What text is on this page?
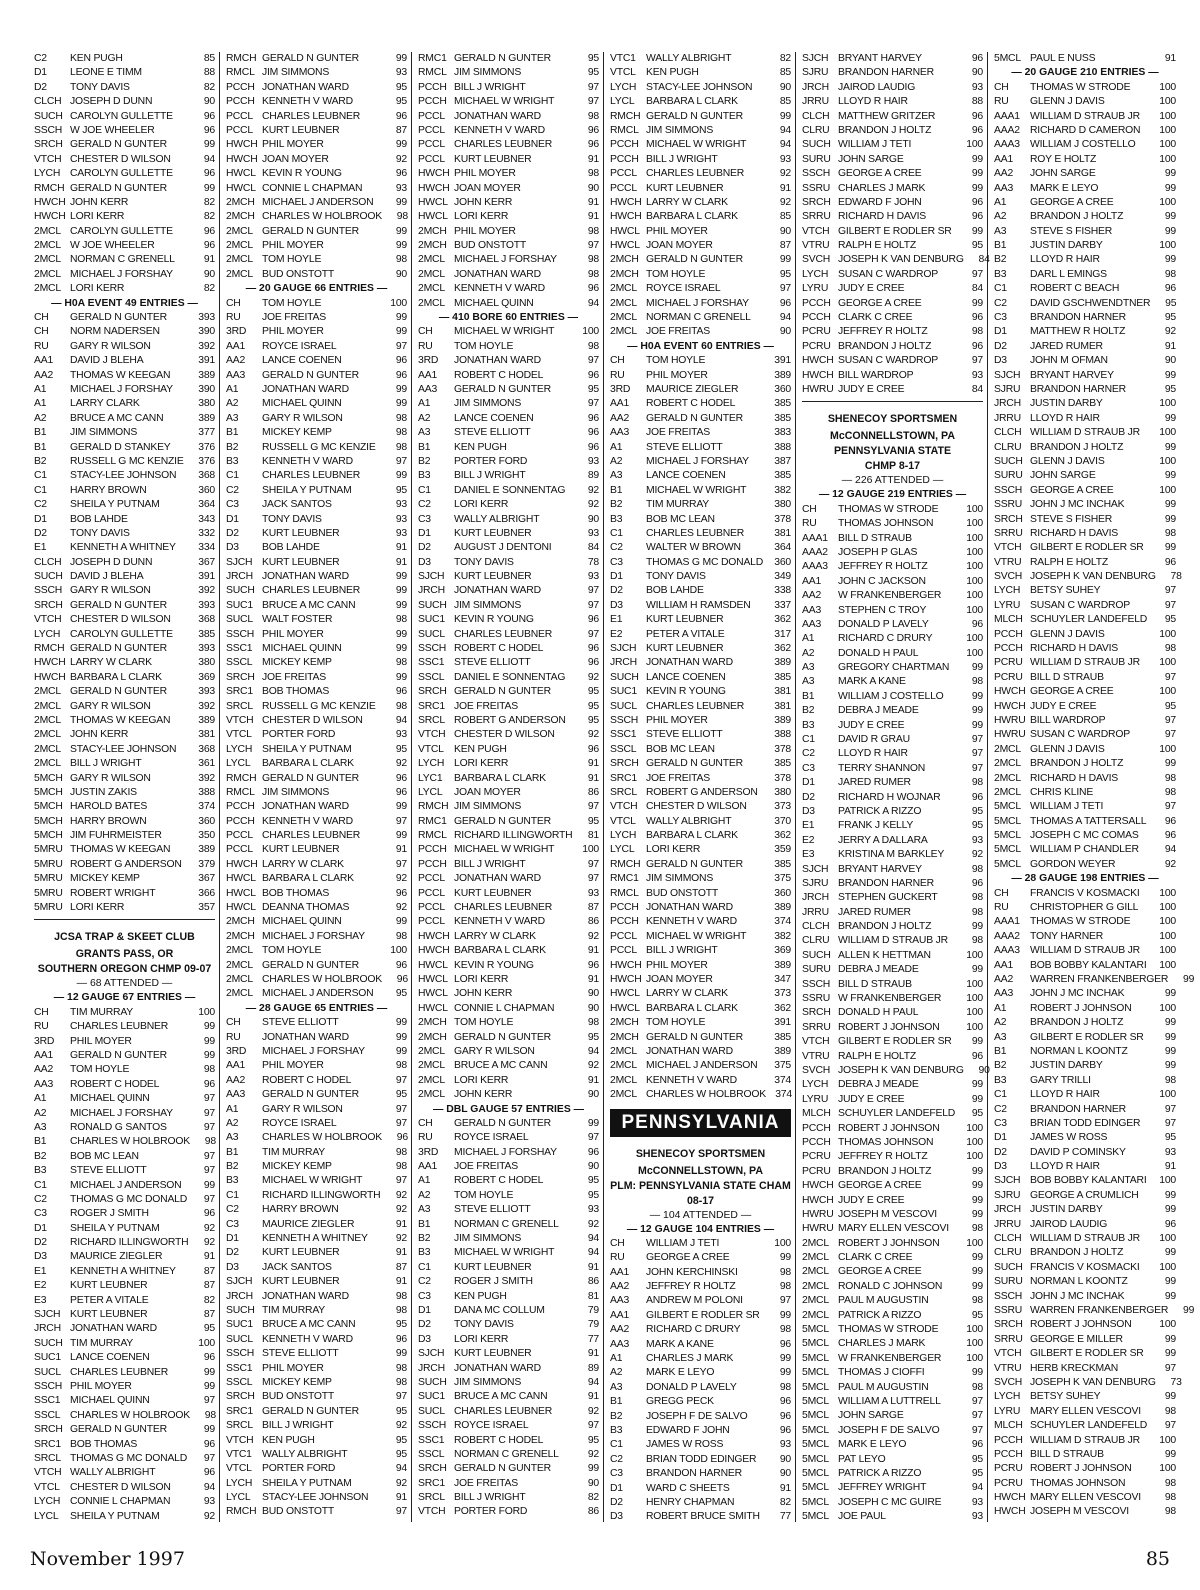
C2	KEN PUGH	85
D1	LEONE E TIMM	88
D2	TONY DAVIS	82
CLCH JOSEPH D DUNN	90
SUCH CAROLYN GULLETTE	96
SSCH W JOE WHEELER	96
SRCH GERALD N GUNTER	99
VTCH CHESTER D WILSON	94
LYCH CAROLYN GULLETTE	96
RMCH GERALD N GUNTER	99
HWCH JOHN KERR	82
HWCH LORI KERR	82
2MCL CAROLYN GULLETTE	96
2MCL W JOE WHEELER	96
2MCL NORMAN C GRENELL	91
2MCL MICHAEL J FORSHAY	90
2MCL LORI KERR	82
— H0A EVENT 49 ENTRIES —
CH	GERALD N GUNTER	393
CH	NORM NADERSEN	390
RU	GARY R WILSON	392
AA1	DAVID J BLEHA	391
AA2	THOMAS W KEEGAN	389
A1	MICHAEL J FORSHAY	390
A1	LARRY CLARK	380
A2	BRUCE A MC CANN	389
B1	JIM SIMMONS	377
B1	GERALD D STANKEY	376
B2	RUSSELL G MC KENZIE	376
C1	STACY-LEE JOHNSON	368
C1	HARRY BROWN	360
C2	SHEILA Y PUTNAM	364
D1	BOB LAHDE	343
D2	TONY DAVIS	332
E1	KENNETH A WHITNEY	334
CLCH JOSEPH D DUNN	367
SUCH DAVID J BLEHA	391
SSCH GARY R WILSON	392
SRCH GERALD N GUNTER	393
VTCH CHESTER D WILSON	368
LYCH CAROLYN GULLETTE	385
RMCH GERALD N GUNTER	393
HWCH LARRY W CLARK	380
HWCH BARBARA L CLARK	369
2MCL GERALD N GUNTER	393
2MCL GARY R WILSON	392
2MCL THOMAS W KEEGAN	389
2MCL JOHN KERR	381
2MCL STACY-LEE JOHNSON	368
2MCL BILL J WRIGHT	361
5MCH GARY R WILSON	392
5MCH JUSTIN ZAKIS	388
5MCH HAROLD BATES	374
5MCH HARRY BROWN	360
5MCH JIM FUHRMEISTER	350
5MRU THOMAS W KEEGAN	389
5MRU ROBERT G ANDERSON	379
5MRU MICKEY KEMP	367
5MRU ROBERT WRIGHT	366
5MRU LORI KERR	357
JCSA TRAP & SKEET CLUB
GRANTS PASS, OR
SOUTHERN OREGON CHMP 09-07
— 68 ATTENDED —
— 12 GAUGE 67 ENTRIES —
CH	TIM MURRAY	100
RU	CHARLES LEUBNER	99
3RD	PHIL MOYER	99
AA1	GERALD N GUNTER	99
AA2	TOM HOYLE	98
AA3	ROBERT C HODEL	96
A1	MICHAEL QUINN	97
A2	MICHAEL J FORSHAY	97
A3	RONALD G SANTOS	97
B1	CHARLES W HOLBROOK	98
B2	BOB MC LEAN	97
B3	STEVE ELLIOTT	97
C1	MICHAEL J ANDERSON	99
C2	THOMAS G MC DONALD	97
C3	ROGER J SMITH	96
D1	SHEILA Y PUTNAM	92
D2	RICHARD ILLINGWORTH	92
D3	MAURICE ZIEGLER	91
E1	KENNETH A WHITNEY	87
E2	KURT LEUBNER	87
E3	PETER A VITALE	82
SJCH KURT LEUBNER	87
JRCH JONATHAN WARD	95
SUCH TIM MURRAY	100
SUC1 LANCE COENEN	96
SUCL CHARLES LEUBNER	99
SSCH PHIL MOYER	99
SSC1 MICHAEL QUINN	97
SSCL CHARLES W HOLBROOK	98
SRCH GERALD N GUNTER	99
SRC1 BOB THOMAS	96
SRCL THOMAS G MC DONALD	97
VTCH WALLY ALBRIGHT	96
VTCL CHESTER D WILSON	94
LYCH CONNIE L CHAPMAN	93
LYCL	SHEILA Y PUTNAM	92
RMCH GERALD N GUNTER	99
RMCL JIM SIMMONS	93
PCCH JONATHAN WARD	95
PCCH KENNETH V WARD	95
PCCL CHARLES LEUBNER	96
PCCL KURT LEUBNER	87
HWCH PHIL MOYER	99
HWCH JOAN MOYER	92
HWCL KEVIN R YOUNG	96
HWCL CONNIE L CHAPMAN	93
2MCH MICHAEL J ANDERSON	99
2MCH CHARLES W HOLBROOK	98
2MCL GERALD N GUNTER	99
2MCL PHIL MOYER	99
2MCL TOM HOYLE	98
2MCL BUD ONSTOTT	90
— 20 GAUGE 66 ENTRIES —
CH	TOM HOYLE	100
RU	JOE FREITAS	99
3RD	PHIL MOYER	99
AA1	ROYCE ISRAEL	97
AA2	LANCE COENEN	96
AA3	GERALD N GUNTER	96
A1	JONATHAN WARD	99
A2	MICHAEL QUINN	99
A3	GARY R WILSON	98
B1	MICKEY KEMP	98
B2	RUSSELL G MC KENZIE	98
B3	KENNETH V WARD	97
C1	CHARLES LEUBNER	99
C2	SHEILA Y PUTNAM	95
C3	JACK SANTOS	93
D1	TONY DAVIS	93
D2	KURT LEUBNER	93
D3	BOB LAHDE	91
SJCH KURT LEUBNER	91
JRCH JONATHAN WARD	99
SUCH CHARLES LEUBNER	99
SUC1 BRUCE A MC CANN	99
SUCL WALT FOSTER	98
SSCH PHIL MOYER	99
SSC1 MICHAEL QUINN	99
SSCL MICKEY KEMP	98
SRCH JOE FREITAS	99
SRC1 BOB THOMAS	96
SRCL RUSSELL G MC KENZIE	98
VTCH CHESTER D WILSON	94
VTCL PORTER FORD	93
LYCH SHEILA Y PUTNAM	95
LYCL	BARBARA L CLARK	92
RMCH GERALD N GUNTER	96
RMCL JIM SIMMONS	96
PCCH JONATHAN WARD	99
PCCH KENNETH V WARD	97
PCCL CHARLES LEUBNER	99
PCCL KURT LEUBNER	91
HWCH LARRY W CLARK	97
HWCL BARBARA L CLARK	92
HWCL BOB THOMAS	96
HWCL DEANNA THOMAS	92
2MCH MICHAEL QUINN	99
2MCH MICHAEL J FORSHAY	98
2MCL TOM HOYLE	100
2MCL GERALD N GUNTER	96
2MCL CHARLES W HOLBROOK	96
2MCL MICHAEL J ANDERSON	95
— 28 GAUGE 65 ENTRIES —
CH	STEVE ELLIOTT	99
RU	JONATHAN WARD	99
3RD	MICHAEL J FORSHAY	99
AA1	PHIL MOYER	98
AA2	ROBERT C HODEL	97
AA3	GERALD N GUNTER	95
A1	GARY R WILSON	97
A2	ROYCE ISRAEL	97
A3	CHARLES W HOLBROOK	96
B1	TIM MURRAY	98
B2	MICKEY KEMP	98
B3	MICHAEL W WRIGHT	97
C1	RICHARD ILLINGWORTH	92
C2	HARRY BROWN	92
C3	MAURICE ZIEGLER	91
D1	KENNETH A WHITNEY	92
D2	KURT LEUBNER	91
D3	JACK SANTOS	87
SJCH KURT LEUBNER	91
JRCH JONATHAN WARD	98
SUCH TIM MURRAY	98
SUC1 BRUCE A MC CANN	95
SUCL KENNETH V WARD	96
SSCH STEVE ELLIOTT	99
SSC1 PHIL MOYER	98
SSCL MICKEY KEMP	98
SRCH BUD ONSTOTT	97
SRC1 GERALD N GUNTER	95
SRCL BILL J WRIGHT	92
VTCH KEN PUGH	95
VTC1 WALLY ALBRIGHT	95
VTCL PORTER FORD	94
LYCH SHEILA Y PUTNAM	92
LYCL	STACY-LEE JOHNSON	91
RMCH BUD ONSTOTT	97
RMC1 GERALD N GUNTER	95
RMCL JIM SIMMONS	95
PCCH BILL J WRIGHT	97
PCCH MICHAEL W WRIGHT	97
PCCL JONATHAN WARD	98
PCCL KENNETH V WARD	96
PCCL CHARLES LEUBNER	96
PCCL KURT LEUBNER	91
HWCH PHIL MOYER	98
HWCH JOAN MOYER	90
HWCL JOHN KERR	91
HWCL LORI KERR	91
2MCH PHIL MOYER	98
2MCH BUD ONSTOTT	97
2MCL MICHAEL J FORSHAY	98
2MCL JONATHAN WARD	98
2MCL KENNETH V WARD	96
2MCL MICHAEL QUINN	94
— 410 BORE 60 ENTRIES —
CH	MICHAEL W WRIGHT	100
RU	TOM HOYLE	98
3RD	JONATHAN WARD	97
AA1	ROBERT C HODEL	96
AA3	GERALD N GUNTER	95
A1	JIM SIMMONS	97
A2	LANCE COENEN	96
A3	STEVE ELLIOTT	96
B1	KEN PUGH	96
B2	PORTER FORD	93
B3	BILL J WRIGHT	89
C1	DANIEL E SONNENTAG	92
C2	LORI KERR	92
C3	WALLY ALBRIGHT	90
D1	KURT LEUBNER	93
D2	AUGUST J DENTONI	84
D3	TONY DAVIS	78
SJCH KURT LEUBNER	93
JRCH JONATHAN WARD	97
SUCH JIM SIMMONS	97
SUC1 KEVIN R YOUNG	96
SUCL CHARLES LEUBNER	97
SSCH ROBERT C HODEL	96
SSC1 STEVE ELLIOTT	96
SSCL DANIEL E SONNENTAG	92
SRCH GERALD N GUNTER	95
SRC1 JOE FREITAS	95
SRCL ROBERT G ANDERSON	95
VTCH CHESTER D WILSON	92
VTCL KEN PUGH	96
LYCH LORI KERR	91
LYC1	BARBARA L CLARK	91
LYCL	JOAN MOYER	86
RMCH JIM SIMMONS	97
RMC1 GERALD N GUNTER	95
RMCL RICHARD ILLINGWORTH	81
PCCH MICHAEL W WRIGHT	100
PCCH BILL J WRIGHT	97
PCCL JONATHAN WARD	97
PCCL KURT LEUBNER	93
PCCL CHARLES LEUBNER	87
PCCL KENNETH V WARD	86
HWCH LARRY W CLARK	92
HWCH BARBARA L CLARK	91
HWCL KEVIN R YOUNG	96
HWCL LORI KERR	91
HWCL JOHN KERR	90
HWCL CONNIE L CHAPMAN	90
2MCH TOM HOYLE	98
2MCH GERALD N GUNTER	95
2MCL GARY R WILSON	94
2MCL BRUCE A MC CANN	92
2MCL LORI KERR	91
2MCL JOHN KERR	90
— DBL GAUGE 57 ENTRIES —
CH	GERALD N GUNTER	99
RU	ROYCE ISRAEL	97
3RD	MICHAEL J FORSHAY	96
AA1	JOE FREITAS	90
A1	ROBERT C HODEL	95
A2	TOM HOYLE	95
A3	STEVE ELLIOTT	93
B1	NORMAN C GRENELL	92
B2	JIM SIMMONS	94
B3	MICHAEL W WRIGHT	94
C1	KURT LEUBNER	91
C2	ROGER J SMITH	86
C3	KEN PUGH	81
D1	DANA MC COLLUM	79
D2	TONY DAVIS	79
D3	LORI KERR	77
SJCH KURT LEUBNER	91
JRCH JONATHAN WARD	89
SUCH JIM SIMMONS	94
SUC1 BRUCE A MC CANN	91
SUCL CHARLES LEUBNER	92
SSCH ROYCE ISRAEL	97
SSC1 ROBERT C HODEL	95
SSCL NORMAN C GRENELL	92
SRCH GERALD N GUNTER	99
SRC1 JOE FREITAS	90
SRCL BILL J WRIGHT	82
VTCH PORTER FORD	86
VTC1 WALLY ALBRIGHT	82
VTCL KEN PUGH	85
LYCH STACY-LEE JOHNSON	90
LYCL	BARBARA L CLARK	85
RMCH GERALD N GUNTER	99
RMCL JIM SIMMONS	94
PCCH MICHAEL W WRIGHT	94
PCCH BILL J WRIGHT	93
PCCL CHARLES LEUBNER	92
PCCL KURT LEUBNER	91
HWCH LARRY W CLARK	92
HWCH BARBARA L CLARK	85
HWCL PHIL MOYER	90
HWCL JOAN MOYER	87
2MCH GERALD N GUNTER	99
2MCH TOM HOYLE	95
2MCL ROYCE ISRAEL	97
2MCL MICHAEL J FORSHAY	96
2MCL NORMAN C GRENELL	94
2MCL JOE FREITAS	90
— H0A EVENT 60 ENTRIES —
CH	TOM HOYLE	391
RU	PHIL MOYER	389
3RD	MAURICE ZIEGLER	360
AA1	ROBERT C HODEL	385
AA2	GERALD N GUNTER	385
AA3	JOE FREITAS	383
A1	STEVE ELLIOTT	388
A2	MICHAEL J FORSHAY	387
A3	LANCE COENEN	385
B1	MICHAEL W WRIGHT	382
B2	TIM MURRAY	380
B3	BOB MC LEAN	378
C1	CHARLES LEUBNER	381
C2	WALTER W BROWN	364
C3	THOMAS G MC DONALD	360
D1	TONY DAVIS	349
D2	BOB LAHDE	338
D3	WILLIAM H RAMSDEN	337
E1	KURT LEUBNER	362
E2	PETER A VITALE	317
SJCH KURT LEUBNER	362
JRCH JONATHAN WARD	389
SUCH LANCE COENEN	385
SUC1 KEVIN R YOUNG	381
SUCL CHARLES LEUBNER	381
SSCH PHIL MOYER	389
SSC1 STEVE ELLIOTT	388
SSCL BOB MC LEAN	378
SRCH GERALD N GUNTER	385
SRC1 JOE FREITAS	378
SRCL ROBERT G ANDERSON	380
VTCH CHESTER D WILSON	373
VTCL WALLY ALBRIGHT	370
LYCH BARBARA L CLARK	362
LYCL	LORI KERR	359
RMCH GERALD N GUNTER	385
RMC1 JIM SIMMONS	375
RMCL BUD ONSTOTT	360
PCCH JONATHAN WARD	389
PCCH KENNETH V WARD	374
PCCL MICHAEL W WRIGHT	382
PCCL BILL J WRIGHT	369
HWCH PHIL MOYER	389
HWCH JOAN MOYER	347
HWCL LARRY W CLARK	373
HWCL BARBARA L CLARK	362
2MCH TOM HOYLE	391
2MCH GERALD N GUNTER	385
2MCL JONATHAN WARD	389
2MCL MICHAEL J ANDERSON	375
2MCL KENNETH V WARD	374
2MCL CHARLES W HOLBROOK 374
PENNSYLVANIA
SHENECOY SPORTSMEN
McCONNELLSTOWN, PA
PLM: PENNSYLVANIA STATE CHAM
08-17
— 104 ATTENDED —
— 12 GAUGE 104 ENTRIES —
CH	WILLIAM J TETI	100
RU	GEORGE A CREE	99
AA1	JOHN KERCHINSKI	98
AA2	JEFFREY R HOLTZ	98
AA3	ANDREW M POLONI	97
AA1	GILBERT E RODLER SR	99
AA2	RICHARD C DRURY	98
AA3	MARK A KANE	96
A1	CHARLES J MARK	99
A2	MARK E LEYO	99
A3	DONALD P LAVELY	98
B1	GREGG PECK	96
B2	JOSEPH F DE SALVO	96
B3	EDWARD F JOHN	96
C1	JAMES W ROSS	93
C2	BRIAN TODD EDINGER	90
C3	BRANDON HARNER	90
D1	WARD C SHEETS	91
D2	HENRY CHAPMAN	82
D3	ROBERT BRUCE SMITH	77
SJCH BRYANT HARVEY	96
SJRU BRANDON HARNER	90
JRCH JAIROD LAUDIG	93
JRRU LLOYD R HAIR	88
CLCH MATTHEW GRITZER	96
CLRU BRANDON J HOLTZ	96
SUCH WILLIAM J TETI	100
SURU JOHN SARGE	99
SSCH GEORGE A CREE	99
SSRU CHARLES J MARK	99
SRCH EDWARD F JOHN	96
SRRU RICHARD H DAVIS	96
VTCH GILBERT E RODLER SR	99
VTRU RALPH E HOLTZ	95
SVCH JOSEPH K VAN DENBURG	84
LYCH SUSAN C WARDROP	97
LYRU JUDY E CREE	84
PCCH GEORGE A CREE	99
PCCH CLARK C CREE	96
PCRU JEFFREY R HOLTZ	98
PCRU BRANDON J HOLTZ	96
HWCH SUSAN C WARDROP	97
HWCH BILL WARDROP	93
HWRU JUDY E CREE	84
SHENECOY SPORTSMEN
McCONNELLSTOWN, PA
PENNSYLVANIA STATE
CHMP 8-17
— 226 ATTENDED —
— 12 GAUGE 219 ENTRIES —
CH	THOMAS W STRODE	100
RU	THOMAS JOHNSON	100
AAA1 BILL D STRAUB	100
AAA2 JOSEPH P GLAS	100
AAA3 JEFFREY R HOLTZ	100
AA1	JOHN C JACKSON	100
AA2	W FRANKENBERGER	100
AA3	STEPHEN C TROY	100
AA3	DONALD P LAVELY	96
A1	RICHARD C DRURY	100
A2	DONALD H PAUL	100
A3	GREGORY CHARTMAN	99
A3	MARK A KANE	98
B1	WILLIAM J COSTELLO	99
B2	DEBRA J MEADE	99
B3	JUDY E CREE	99
C1	DAVID R GRAU	97
C2	LLOYD R HAIR	97
C3	TERRY SHANNON	97
D1	JARED RUMER	98
D2	RICHARD H WOJNAR	96
D3	PATRICK A RIZZO	95
E1	FRANK J KELLY	95
E2	JERRY A DALLARA	93
E3	KRISTINA M BARKLEY	92
SJCH BRYANT HARVEY	98
SJRU BRANDON HARNER	96
JRCH STEPHEN GUCKERT	98
JRRU JARED RUMER	98
CLCH BRANDON J HOLTZ	99
CLRU WILLIAM D STRAUB JR	98
SUCH ALLEN K HETTMAN	100
SURU DEBRA J MEADE	99
SSCH BILL D STRAUB	100
SSRU W FRANKENBERGER	100
SRCH DONALD H PAUL	100
SRRU ROBERT J JOHNSON	100
VTCH GILBERT E RODLER SR	99
VTRU RALPH E HOLTZ	96
SVCH JOSEPH K VAN DENBURG	90
LYCH DEBRA J MEADE	99
LYRU JUDY E CREE	99
MLCH SCHUYLER LANDEFELD	95
PCCH ROBERT J JOHNSON	100
PCCH THOMAS JOHNSON	100
PCRU JEFFREY R HOLTZ	100
PCRU BRANDON J HOLTZ	99
HWCH GEORGE A CREE	99
HWCH JUDY E CREE	99
HWRU JOSEPH M VESCOVI	99
HWRU MARY ELLEN VESCOVI	98
2MCL ROBERT J JOHNSON	100
2MCL CLARK C CREE	99
2MCL GEORGE A CREE	99
2MCL RONALD C JOHNSON	99
2MCL PAUL M AUGUSTIN	98
2MCL PATRICK A RIZZO	95
5MCL THOMAS W STRODE	100
5MCL CHARLES J MARK	100
5MCL W FRANKENBERGER	100
5MCL THOMAS J CIOFFI	99
5MCL PAUL M AUGUSTIN	98
5MCL WILLIAM A LUTTRELL	97
5MCL JOHN SARGE	97
5MCL JOSEPH F DE SALVO	97
5MCL MARK E LEYO	96
5MCL PAT LEYO	95
5MCL PATRICK A RIZZO	95
5MCL JEFFREY WRIGHT	94
5MCL JOSEPH C MC GUIRE	93
5MCL JOE PAUL	93
5MCL PAUL E NUSS	91
— 20 GAUGE 210 ENTRIES —
CH	THOMAS W STRODE	100
RU	GLENN J DAVIS	100
AAA1 WILLIAM D STRAUB JR	100
AAA2 RICHARD D CAMERON	100
AAA3 WILLIAM J COSTELLO	100
AA1	ROY E HOLTZ	100
AA2	JOHN SARGE	99
AA3	MARK E LEYO	99
A1	GEORGE A CREE	100
A2	BRANDON J HOLTZ	99
A3	STEVE S FISHER	99
B1	JUSTIN DARBY	100
B2	LLOYD R HAIR	99
B3	DARL L EMINGS	98
C1	ROBERT C BEACH	96
C2	DAVID GSCHWENDTNER	95
C3	BRANDON HARNER	95
D1	MATTHEW R HOLTZ	92
D2	JARED RUMER	91
D3	JOHN M OFMAN	90
SJCH BRYANT HARVEY	99
SJRU BRANDON HARNER	95
JRCH JUSTIN DARBY	100
JRRU LLOYD R HAIR	99
CLCH WILLIAM D STRAUB JR	100
CLRU BRANDON J HOLTZ	99
SUCH GLENN J DAVIS	100
SURU JOHN SARGE	99
SSCH GEORGE A CREE	100
SSRU JOHN J MC INCHAK	99
SRCH STEVE S FISHER	99
SRRU RICHARD H DAVIS	98
VTCH GILBERT E RODLER SR	99
VTRU RALPH E HOLTZ	96
SVCH JOSEPH K VAN DENBURG	78
LYCH BETSY SUHEY	97
LYRU SUSAN C WARDROP	97
MLCH SCHUYLER LANDEFELD	95
PCCH GLENN J DAVIS	100
PCCH RICHARD H DAVIS	98
PCRU WILLIAM D STRAUB JR	100
PCRU BILL D STRAUB	97
HWCH GEORGE A CREE	100
HWCH JUDY E CREE	95
HWRU BILL WARDROP	97
HWRU SUSAN C WARDROP	97
2MCL GLENN J DAVIS	100
2MCL BRANDON J HOLTZ	99
2MCL RICHARD H DAVIS	98
2MCL CHRIS KLINE	98
5MCL WILLIAM J TETI	97
5MCL THOMAS A TATTERSALL	96
5MCL JOSEPH C MC COMAS	96
5MCL WILLIAM P CHANDLER	94
5MCL GORDON WEYER	92
— 28 GAUGE 198 ENTRIES —
CH	FRANCIS V KOSMACKI	100
RU	CHRISTOPHER G GILL	100
AAA1 THOMAS W STRODE	100
AAA2 TONY HARNER	100
AAA3 WILLIAM D STRAUB JR	100
AA1	BOB BOBBY KALANTARI	100
AA2	WARREN FRANKENBERGER	99
AA3	JOHN J MC INCHAK	99
A1	ROBERT J JOHNSON	100
A2	BRANDON J HOLTZ	99
A3	GILBERT E RODLER SR	99
B1	NORMAN L KOONTZ	99
B2	JUSTIN DARBY	99
B3	GARY TRILLI	98
C1	LLOYD R HAIR	100
C2	BRANDON HARNER	97
C3	BRIAN TODD EDINGER	97
D1	JAMES W ROSS	95
D2	DAVID P COMINSKY	93
D3	LLOYD R HAIR	91
SJCH BOB BOBBY KALANTARI	100
SJRU GEORGE A CRUMLICH	99
JRCH JUSTIN DARBY	99
JRRU JAIROD LAUDIG	96
CLCH WILLIAM D STRAUB JR	100
CLRU BRANDON J HOLTZ	99
SUCH FRANCIS V KOSMACKI	100
SURU NORMAN L KOONTZ	99
SSCH JOHN J MC INCHAK	99
SSRU WARREN FRANKENBERGER	99
SRCH ROBERT J JOHNSON	100
SRRU GEORGE E MILLER	99
VTCH GILBERT E RODLER SR	99
VTRU HERB KRECKMAN	97
SVCH JOSEPH K VAN DENBURG	73
LYCH BETSY SUHEY	99
LYRU MARY ELLEN VESCOVI	98
MLCH SCHUYLER LANDEFELD	97
PCCH WILLIAM D STRAUB JR	100
PCCH BILL D STRAUB	99
PCRU ROBERT J JOHNSON	100
PCRU THOMAS JOHNSON	98
HWCH MARY ELLEN VESCOVI	98
HWCH JOSEPH M VESCOVI	98
November 1997	85
